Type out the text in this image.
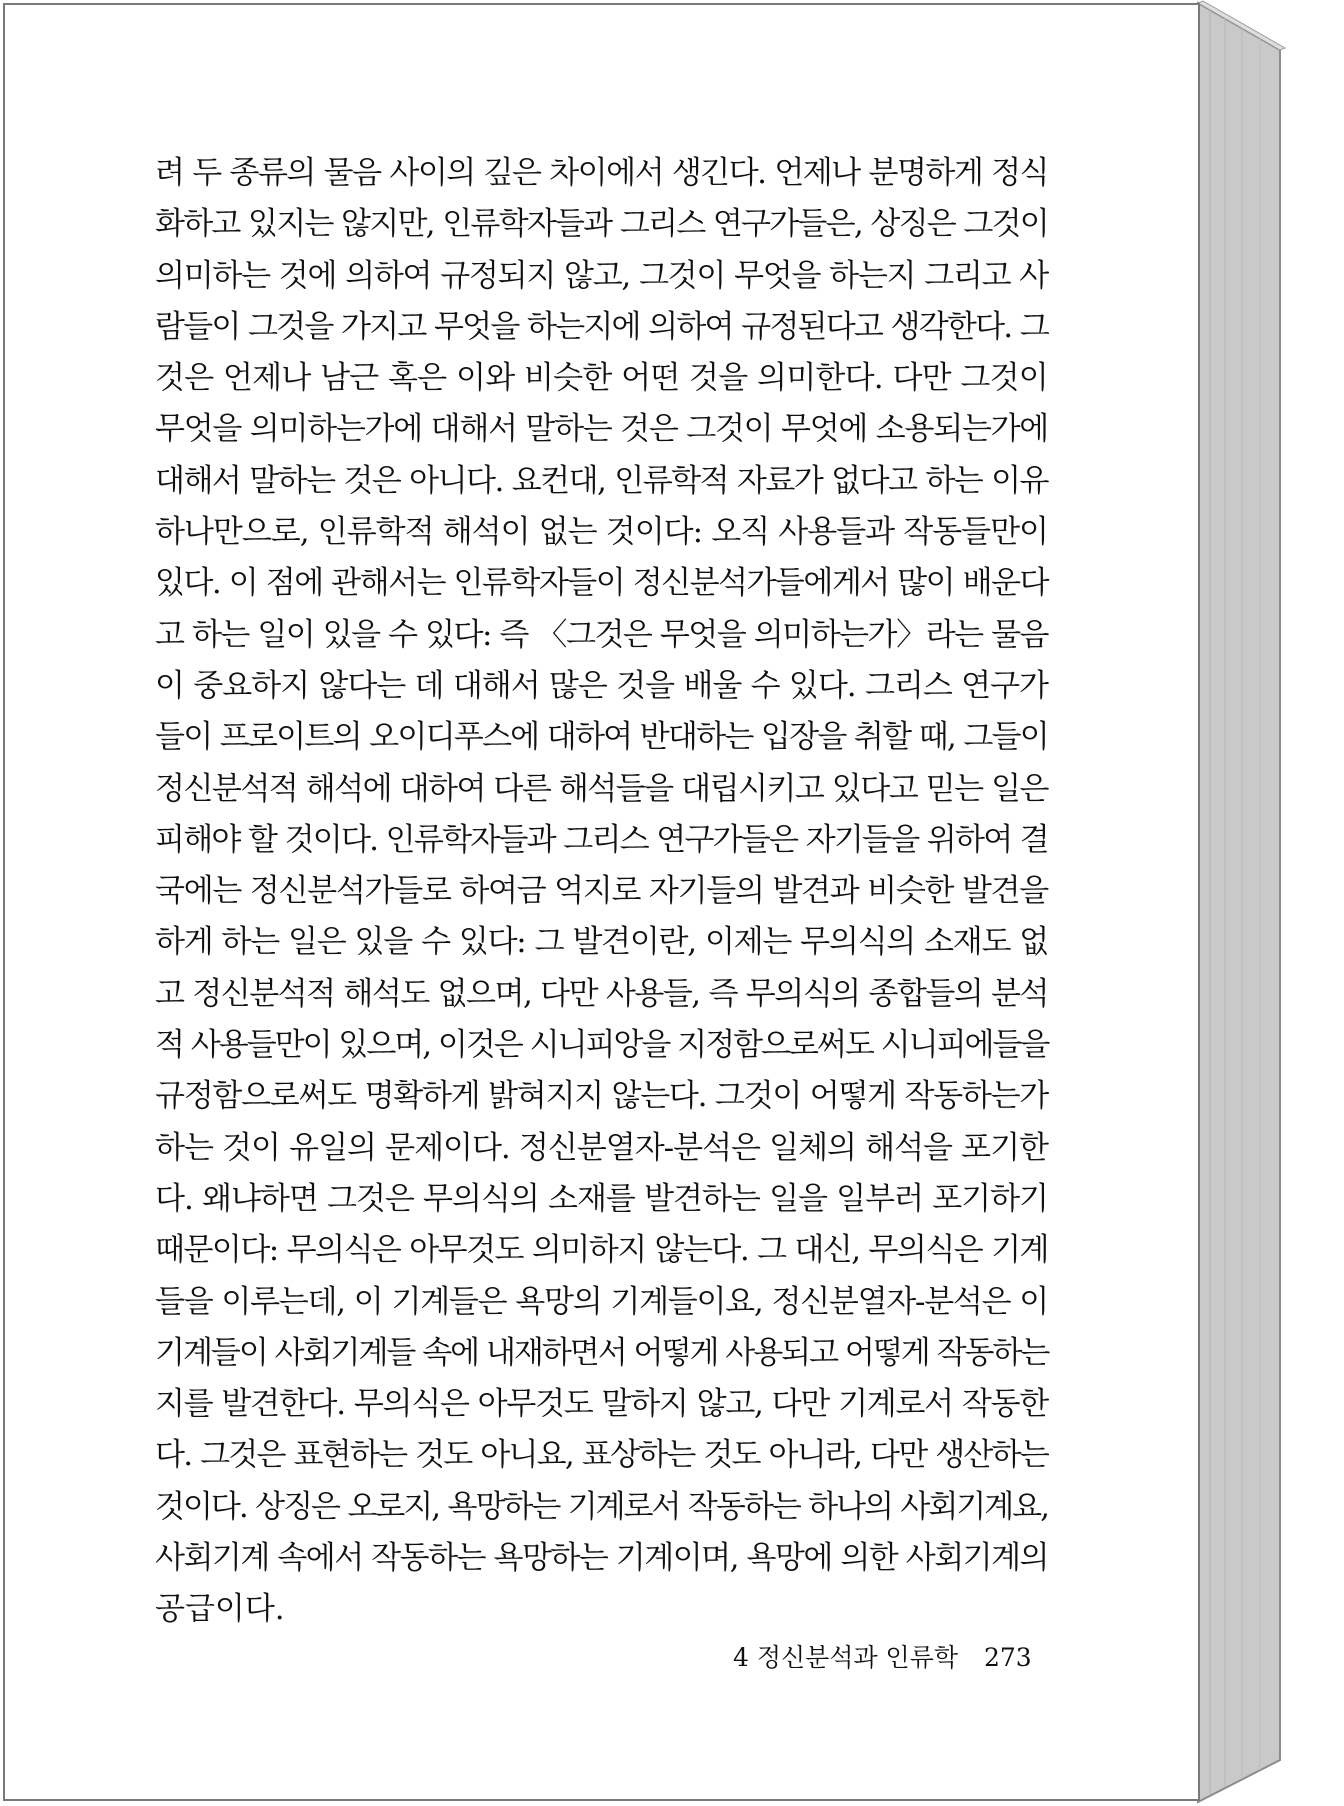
려 두 종류의 물음 사이의 깊은 차이에서 생긴다. 언제나 분명하게 정식
화하고 있지는 않지만, 인류학자들과 그리스 연구가들은, 상징은 그것이
의미하는 것에 의하여 규정되지 않고, 그것이 무엇을 하는지 그리고 사
람들이 그것을 가지고 무엇을 하는지에 의하여 규정된다고 생각한다. 그
것은 언제나 남근 혹은 이와 비슷한 어떤 것을 의미한다. 다만 그것이
무엇을 의미하는가에 대해서 말하는 것은 그것이 무엇에 소용되는가에
대해서 말하는 것은 아니다. 요컨대, 인류학적 자료가 없다고 하는 이유
하나만으로, 인류학적 해석이 없는 것이다: 오직 사용들과 작동들만이
있다. 이 점에 관해서는 인류학자들이 정신분석가들에게서 많이 배운다
고 하는 일이 있을 수 있다: 즉 〈그것은 무엇을 의미하는가〉라는 물음
이 중요하지 않다는 데 대해서 많은 것을 배울 수 있다. 그리스 연구가
들이 프로이트의 오이디푸스에 대하여 반대하는 입장을 취할 때, 그들이
정신분석적 해석에 대하여 다른 해석들을 대립시키고 있다고 믿는 일은
피해야 할 것이다. 인류학자들과 그리스 연구가들은 자기들을 위하여 결
국에는 정신분석가들로 하여금 억지로 자기들의 발견과 비슷한 발견을
하게 하는 일은 있을 수 있다: 그 발견이란, 이제는 무의식의 소재도 없
고 정신분석적 해석도 없으며, 다만 사용들, 즉 무의식의 종합들의 분석
적 사용들만이 있으며, 이것은 시니피앙을 지정함으로써도 시니피에들을
규정함으로써도 명확하게 밝혀지지 않는다. 그것이 어떻게 작동하는가
하는 것이 유일의 문제이다. 정신분열자-분석은 일체의 해석을 포기한
다. 왜냐하면 그것은 무의식의 소재를 발견하는 일을 일부러 포기하기
때문이다: 무의식은 아무것도 의미하지 않는다. 그 대신, 무의식은 기계
들을 이루는데, 이 기계들은 욕망의 기계들이요, 정신분열자-분석은 이
기계들이 사회기계들 속에 내재하면서 어떻게 사용되고 어떻게 작동하는
지를 발견한다. 무의식은 아무것도 말하지 않고, 다만 기계로서 작동한
다. 그것은 표현하는 것도 아니요, 표상하는 것도 아니라, 다만 생산하는
것이다. 상징은 오로지, 욕망하는 기계로서 작동하는 하나의 사회기계요,
사회기계 속에서 작동하는 욕망하는 기계이며, 욕망에 의한 사회기계의
공급이다.
4 정신분석과 인류학 273
